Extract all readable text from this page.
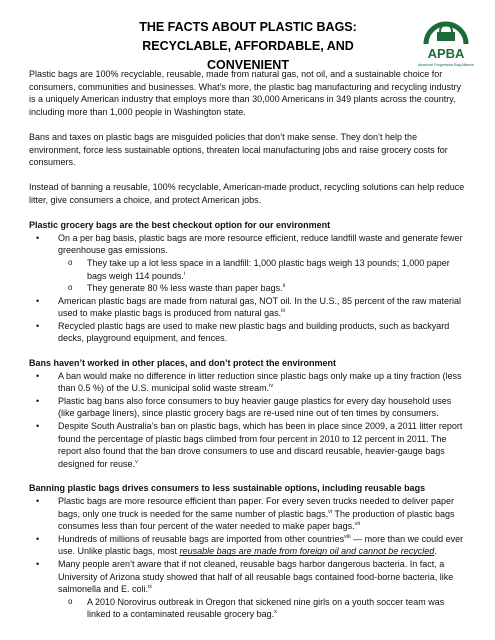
THE FACTS ABOUT PLASTIC BAGS:
RECYCLABLE, AFFORDABLE, AND CONVENIENT
APBA
American Progressive Bag Alliance

Plastic bags are 100% recyclable, reusable, made from natural gas, not oil, and a sustainable choice for consumers, communities and businesses. What’s more, the plastic bag manufacturing and recycling industry is a uniquely American industry that employs more than 30,000 Americans in 349 plants across the country, including more than 1,000 people in Washington state.

Bans and taxes on plastic bags are misguided policies that don’t make sense. They don’t help the environment, force less sustainable options, threaten local manufacturing jobs and raise grocery costs for consumers.

Instead of banning a reusable, 100% recyclable, American-made product, recycling solutions can help reduce litter, give consumers a choice, and protect American jobs.

Plastic grocery bags are the best checkout option for our environment

• On a per bag basis, plastic bags are more resource efficient, reduce landfill waste and generate fewer greenhouse gas emissions.
o They take up a lot less space in a landfill: 1,000 plastic bags weigh 13 pounds; 1,000 paper bags weigh 114 pounds.$^i$
o They generate 80 % less waste than paper bags.$^{ii}$
• American plastic bags are made from natural gas, NOT oil. In the U.S., 85 percent of the raw material used to make plastic bags is produced from natural gas.$^{iii}$
• Recycled plastic bags are used to make new plastic bags and building products, such as backyard decks, playground equipment, and fences.

Bans haven’t worked in other places, and don’t protect the environment

• A ban would make no difference in litter reduction since plastic bags only make up a tiny fraction (less than 0.5 %) of the U.S. municipal solid waste stream.$^{iv}$
• Plastic bag bans also force consumers to buy heavier gauge plastics for every day household uses (like garbage liners), since plastic grocery bags are re-used nine out of ten times by consumers.
• Despite South Australia’s ban on plastic bags, which has been in place since 2009, a 2011 litter report found the percentage of plastic bags climbed from four percent in 2010 to 12 percent in 2011. The report also found that the ban drove consumers to use and discard reusable, heavier-gauge bags designed for reuse.$^v$

Banning plastic bags drives consumers to less sustainable options, including reusable bags

• Plastic bags are more resource efficient than paper. For every seven trucks needed to deliver paper bags, only one truck is needed for the same number of plastic bags.$^{vi}$ The production of plastic bags consumes less than four percent of the water needed to make paper bags.$^{vii}$
• Hundreds of millions of reusable bags are imported from other countries$^{viii}$ — more than we could ever use. Unlike plastic bags, most reusable bags are made from foreign oil and cannot be recycled.
• Many people aren’t aware that if not cleaned, reusable bags harbor dangerous bacteria. In fact, a University of Arizona study showed that half of all reusable bags contained food-borne bacteria, like salmonella and E. coli.$^{ix}$
o A 2010 Norovirus outbreak in Oregon that sickened nine girls on a youth soccer team was linked to a contaminated reusable grocery bag.$^x$
